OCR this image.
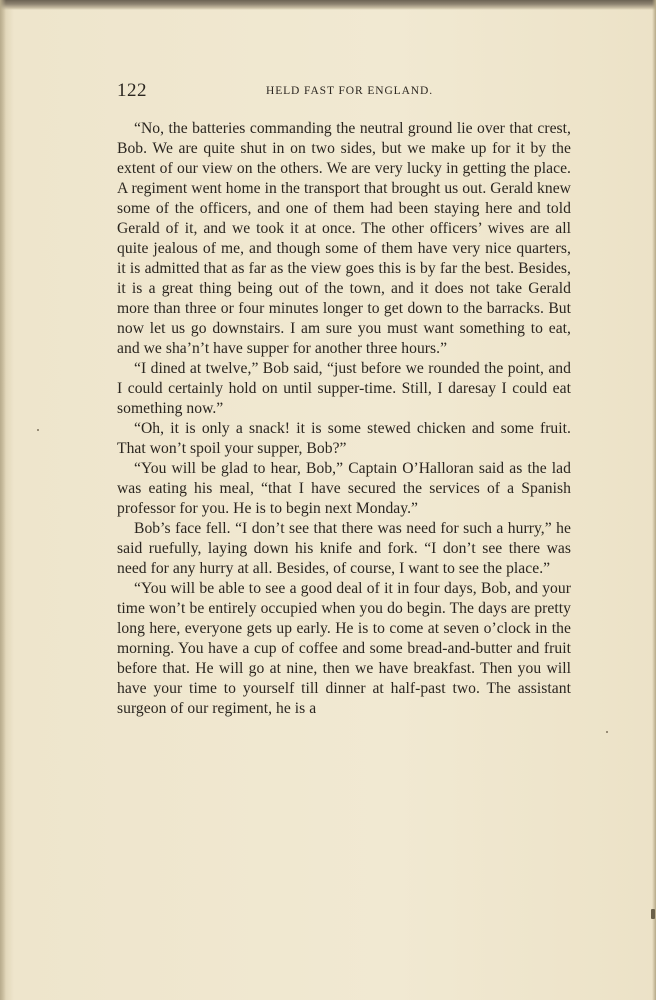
122	HELD FAST FOR ENGLAND.

“No, the batteries commanding the neutral ground lie over that crest, Bob. We are quite shut in on two sides, but we make up for it by the extent of our view on the others. We are very lucky in getting the place. A regiment went home in the transport that brought us out. Gerald knew some of the officers, and one of them had been staying here and told Gerald of it, and we took it at once. The other officers’ wives are all quite jealous of me, and though some of them have very nice quarters, it is admitted that as far as the view goes this is by far the best. Besides, it is a great thing being out of the town, and it does not take Gerald more than three or four minutes longer to get down to the barracks. But now let us go downstairs. I am sure you must want something to eat, and we sha’n’t have supper for another three hours.”

“I dined at twelve,” Bob said, “just before we rounded the point, and I could certainly hold on until supper-time. Still, I daresay I could eat something now.”

“Oh, it is only a snack! it is some stewed chicken and some fruit. That won’t spoil your supper, Bob?”

“You will be glad to hear, Bob,” Captain O’Halloran said as the lad was eating his meal, “that I have secured the services of a Spanish professor for you. He is to begin next Monday.”

Bob’s face fell. “I don’t see that there was need for such a hurry,” he said ruefully, laying down his knife and fork. “I don’t see there was need for any hurry at all. Besides, of course, I want to see the place.”

“You will be able to see a good deal of it in four days, Bob, and your time won’t be entirely occupied when you do begin. The days are pretty long here, everyone gets up early. He is to come at seven o’clock in the morning. You have a cup of coffee and some bread-and-butter and fruit before that. He will go at nine, then we have breakfast. Then you will have your time to yourself till dinner at half-past two. The assistant surgeon of our regiment, he is a
